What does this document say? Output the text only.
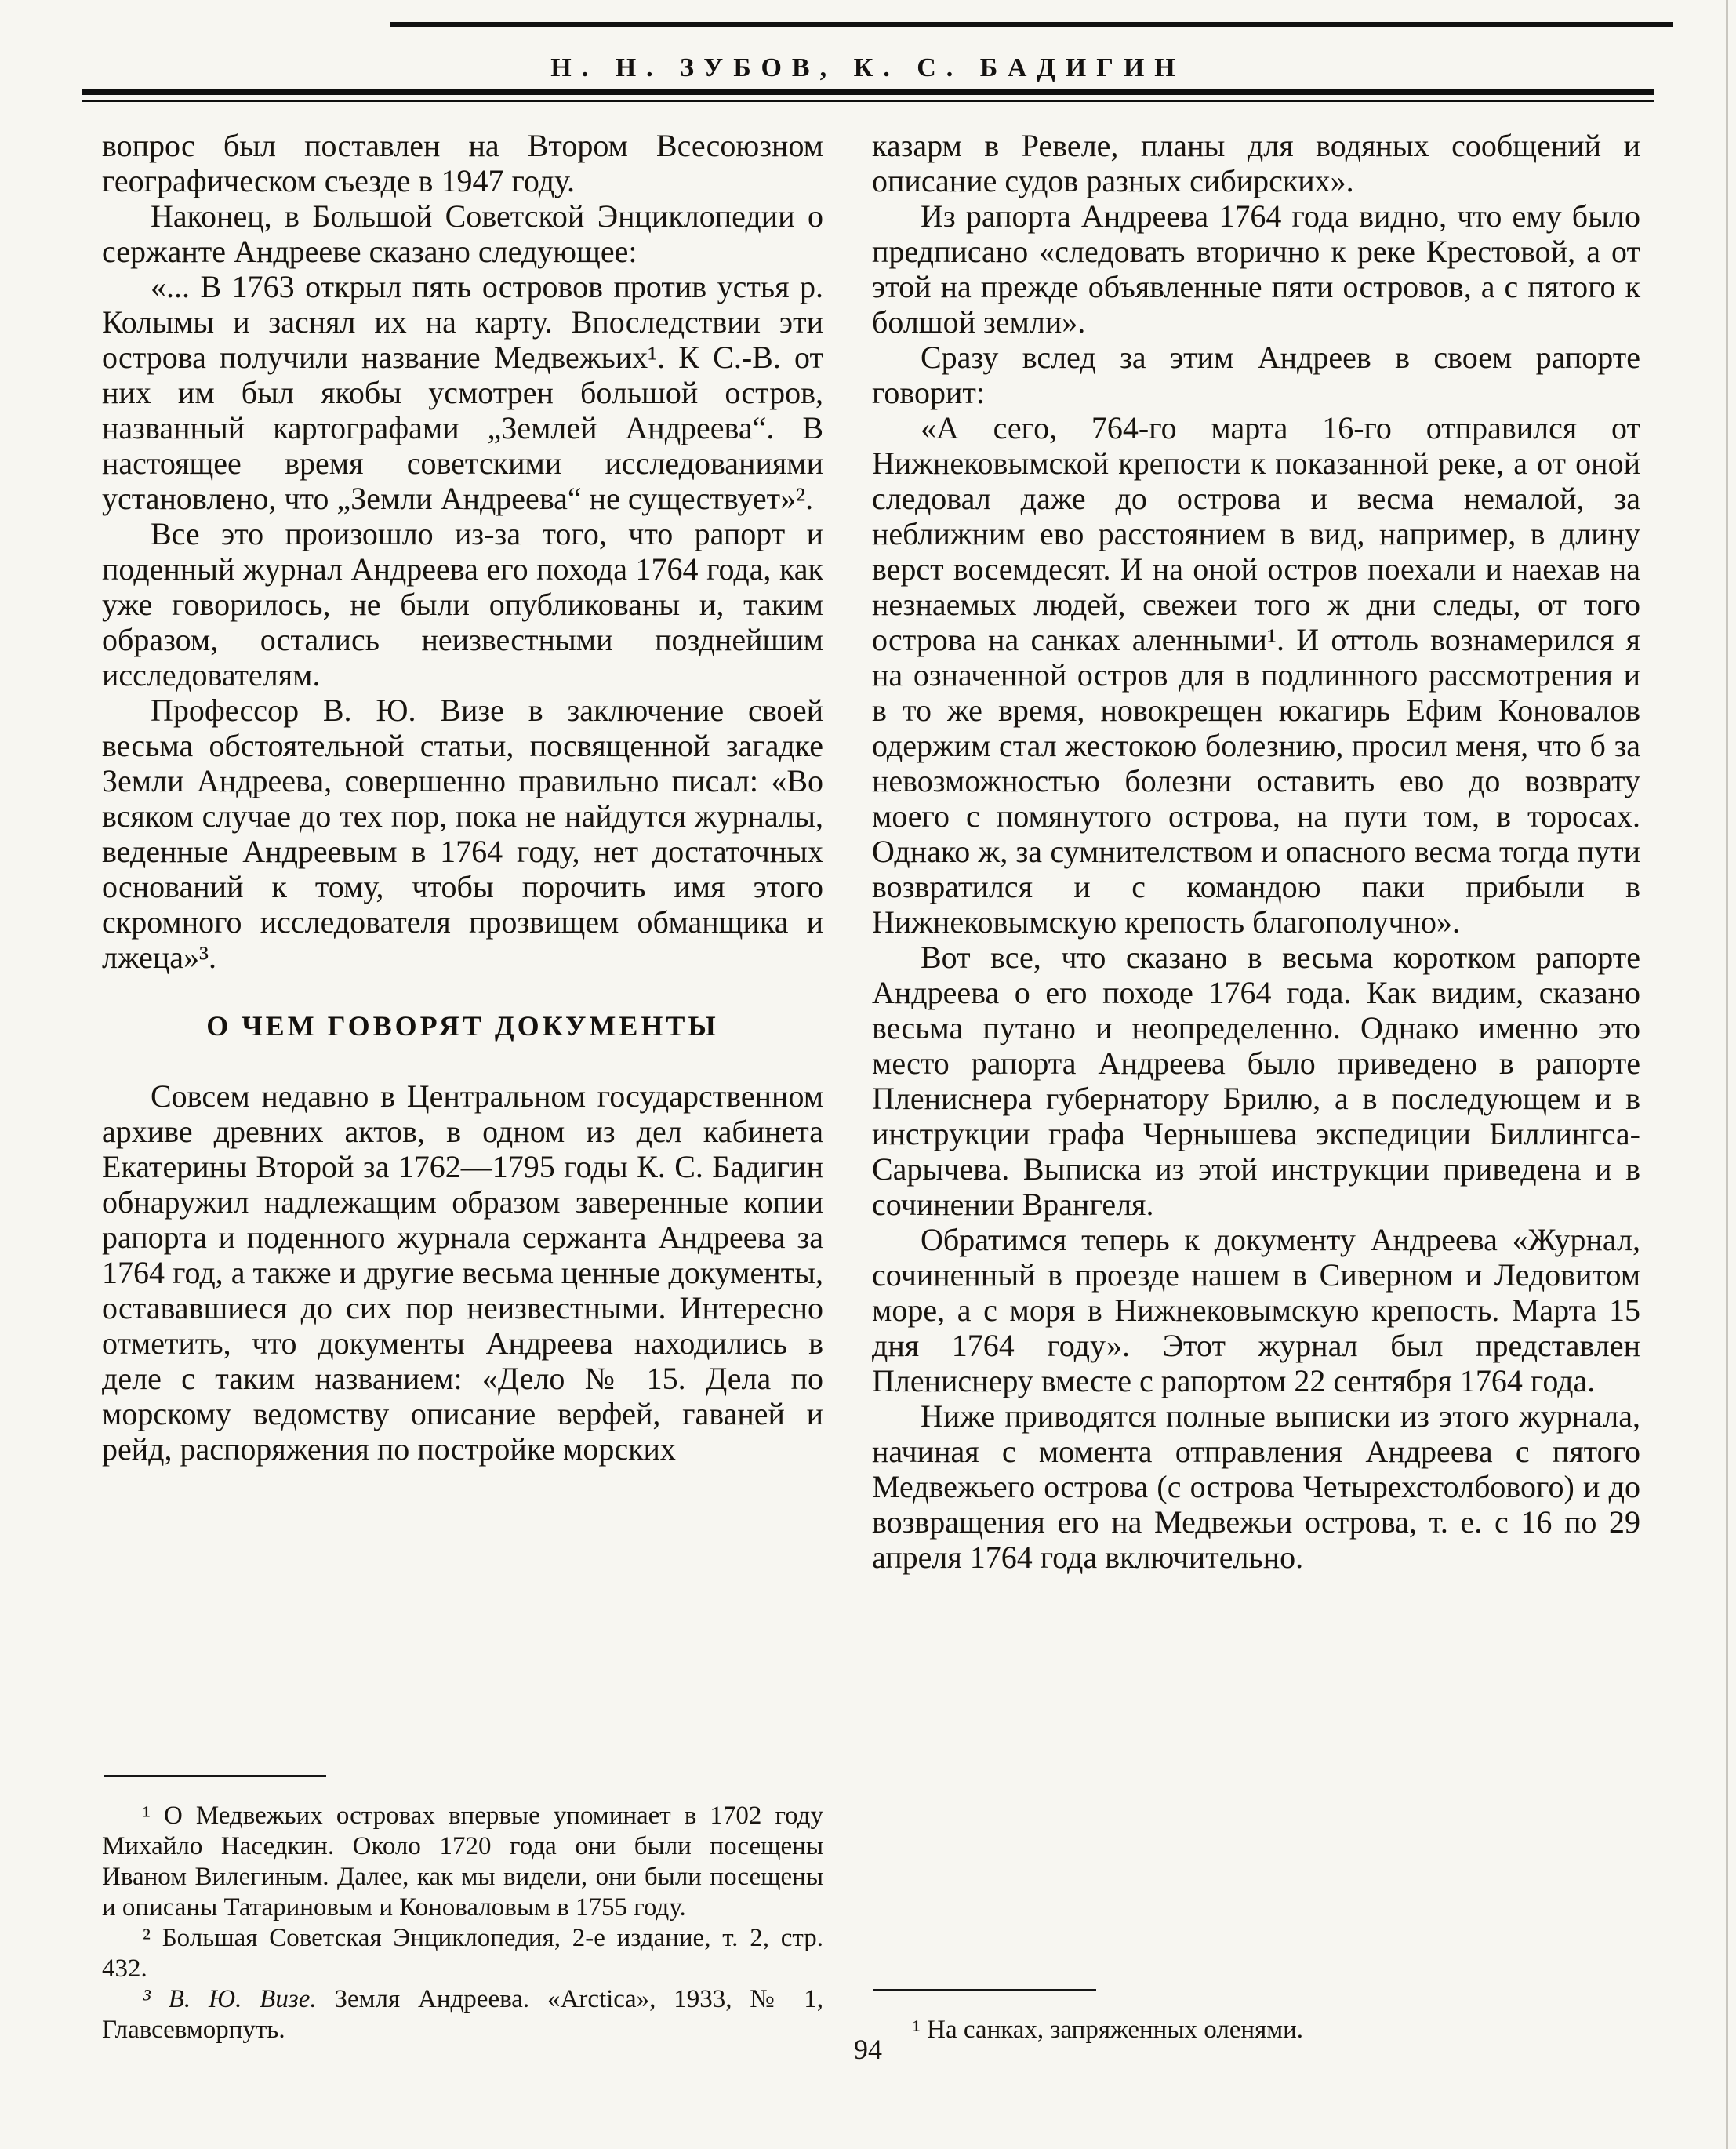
Н. Н. ЗУБОВ, К. С. БАДИГИН

вопрос был поставлен на Втором Всесоюзном географическом съезде в 1947 году.

Наконец, в Большой Советской Энциклопедии о сержанте Андрееве сказано следующее:

«... В 1763 открыл пять островов против устья р. Колымы и заснял их на карту. Впоследствии эти острова получили название Медвежьих¹. К С.-В. от них им был якобы усмотрен большой остров, названный картографами „Землей Андреева“. В настоящее время советскими исследованиями установлено, что „Земли Андреева“ не существует»².

Все это произошло из-за того, что рапорт и поденный журнал Андреева его похода 1764 года, как уже говорилось, не были опубликованы и, таким образом, остались неизвестными позднейшим исследователям.

Профессор В. Ю. Визе в заключение своей весьма обстоятельной статьи, посвященной загадке Земли Андреева, совершенно правильно писал: «Во всяком случае до тех пор, пока не найдутся журналы, веденные Андреевым в 1764 году, нет достаточных оснований к тому, чтобы порочить имя этого скромного исследователя прозвищем обманщика и лжеца»³.

О ЧЕМ ГОВОРЯТ ДОКУМЕНТЫ

Совсем недавно в Центральном государственном архиве древних актов, в одном из дел кабинета Екатерины Второй за 1762—1795 годы К. С. Бадигин обнаружил надлежащим образом заверенные копии рапорта и поденного журнала сержанта Андреева за 1764 год, а также и другие весьма ценные документы, остававшиеся до сих пор неизвестными. Интересно отметить, что документы Андреева находились в деле с таким названием: «Дело № 15. Дела по морскому ведомству описание верфей, гаваней и рейд, распоряжения по постройке морских

¹ О Медвежьих островах впервые упоминает в 1702 году Михайло Наседкин. Около 1720 года они были посещены Иваном Вилегиным. Далее, как мы видели, они были посещены и описаны Татариновым и Коноваловым в 1755 году.

² Большая Советская Энциклопедия, 2-е издание, т. 2, стр. 432.

³ В. Ю. Визе. Земля Андреева. «Arctica», 1933, № 1, Главсевморпуть.

казарм в Ревеле, планы для водяных сообщений и описание судов разных сибирских».

Из рапорта Андреева 1764 года видно, что ему было предписано «следовать вторично к реке Крестовой, а от этой на прежде объявленные пяти островов, а с пятого к болшой земли».

Сразу вслед за этим Андреев в своем рапорте говорит:

«А сего, 764-го марта 16-го отправился от Нижнековымской крепости к показанной реке, а от оной следовал даже до острова и весма немалой, за неближним ево расстоянием в вид, например, в длину верст восемдесят. И на оной остров поехали и наехав на незнаемых людей, свежеи того ж дни следы, от того острова на санках аленными¹. И оттоль вознамерился я на означенной остров для в подлинного рассмотрения и в то же время, новокрещен юкагирь Ефим Коновалов одержим стал жестокою болезнию, просил меня, что б за невозможностью болезни оставить ево до возврату моего с помянутого острова, на пути том, в торосах. Однако ж, за сумнителством и опасного весма тогда пути возвратился и с командою паки прибыли в Нижнековымскую крепость благополучно».

Вот все, что сказано в весьма коротком рапорте Андреева о его походе 1764 года. Как видим, сказано весьма путано и неопределенно. Однако именно это место рапорта Андреева было приведено в рапорте Плениснера губернатору Брилю, а в последующем и в инструкции графа Чернышева экспедиции Биллингса-Сарычева. Выписка из этой инструкции приведена и в сочинении Врангеля.

Обратимся теперь к документу Андреева «Журнал, сочиненный в проезде нашем в Сиверном и Ледовитом море, а с моря в Нижнековымскую крепость. Марта 15 дня 1764 году». Этот журнал был представлен Плениснеру вместе с рапортом 22 сентября 1764 года.

Ниже приводятся полные выписки из этого журнала, начиная с момента отправления Андреева с пятого Медвежьего острова (с острова Четырехстолбового) и до возвращения его на Медвежьи острова, т. е. с 16 по 29 апреля 1764 года включительно.

¹ На санках, запряженных оленями.

94
